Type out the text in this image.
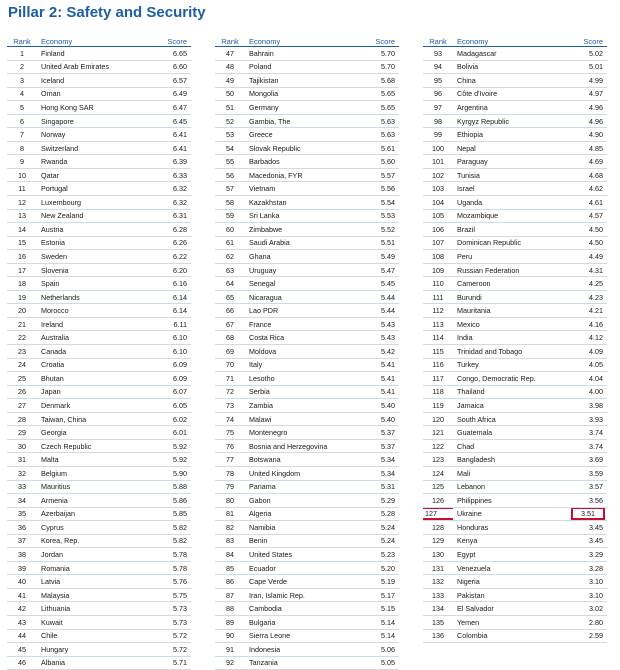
Pillar 2: Safety and Security
Rank	Economy	Score
1	Finland	6.65
2	United Arab Emirates	6.60
3	Iceland	6.57
4	Oman	6.49
5	Hong Kong SAR	6.47
6	Singapore	6.45
7	Norway	6.41
8	Switzerland	6.41
9	Rwanda	6.39
10	Qatar	6.33
11	Portugal	6.32
12	Luxembourg	6.32
13	New Zealand	6.31
14	Austria	6.28
15	Estonia	6.26
16	Sweden	6.22
17	Slovenia	6.20
18	Spain	6.16
19	Netherlands	6.14
20	Morocco	6.14
21	Ireland	6.11
22	Australia	6.10
23	Canada	6.10
24	Croatia	6.09
25	Bhutan	6.09
26	Japan	6.07
27	Denmark	6.05
28	Taiwan, China	6.02
29	Georgia	6.01
30	Czech Republic	5.92
31	Malta	5.92
32	Belgium	5.90
33	Mauritius	5.88
34	Armenia	5.86
35	Azerbaijan	5.85
36	Cyprus	5.82
37	Korea, Rep.	5.82
38	Jordan	5.78
39	Romania	5.78
40	Latvia	5.76
41	Malaysia	5.75
42	Lithuania	5.73
43	Kuwait	5.73
44	Chile	5.72
45	Hungary	5.72
46	Albania	5.71
Rank	Economy	Score
47	Bahrain	5.70
48	Poland	5.70
49	Tajikistan	5.68
50	Mongolia	5.65
51	Germany	5.65
52	Gambia, The	5.63
53	Greece	5.63
54	Slovak Republic	5.61
55	Barbados	5.60
56	Macedonia, FYR	5.57
57	Vietnam	5.56
58	Kazakhstan	5.54
59	Sri Lanka	5.53
60	Zimbabwe	5.52
61	Saudi Arabia	5.51
62	Ghana	5.49
63	Uruguay	5.47
64	Senegal	5.45
65	Nicaragua	5.44
66	Lao PDR	5.44
67	France	5.43
68	Costa Rica	5.43
69	Moldova	5.42
70	Italy	5.41
71	Lesotho	5.41
72	Serbia	5.41
73	Zambia	5.40
74	Malawi	5.40
75	Montenegro	5.37
76	Bosnia and Herzegovina	5.37
77	Botswana	5.34
78	United Kingdom	5.34
79	Panama	5.31
80	Gabon	5.29
81	Algeria	5.28
82	Namibia	5.24
83	Benin	5.24
84	United States	5.23
85	Ecuador	5.20
86	Cape Verde	5.19
87	Iran, Islamic Rep.	5.17
88	Cambodia	5.15
89	Bulgaria	5.14
90	Sierra Leone	5.14
91	Indonesia	5.06
92	Tanzania	5.05
Rank	Economy	Score
93	Madagascar	5.02
94	Bolivia	5.01
95	China	4.99
96	Côte d'Ivoire	4.97
97	Argentina	4.96
98	Kyrgyz Republic	4.96
99	Ethiopia	4.90
100	Nepal	4.85
101	Paraguay	4.69
102	Tunisia	4.68
103	Israel	4.62
104	Uganda	4.61
105	Mozambique	4.57
106	Brazil	4.50
107	Dominican Republic	4.50
108	Peru	4.49
109	Russian Federation	4.31
110	Cameroon	4.25
111	Burundi	4.23
112	Mauritania	4.21
113	Mexico	4.16
114	India	4.12
115	Trinidad and Tobago	4.09
116	Turkey	4.05
117	Congo, Democratic Rep.	4.04
118	Thailand	4.00
119	Jamaica	3.98
120	South Africa	3.93
121	Guatemala	3.74
122	Chad	3.74
123	Bangladesh	3.69
124	Mali	3.59
125	Lebanon	3.57
126	Philippines	3.56
127	Ukraine	3.51
128	Honduras	3.45
129	Kenya	3.45
130	Egypt	3.29
131	Venezuela	3.28
132	Nigeria	3.10
133	Pakistan	3.10
134	El Salvador	3.02
135	Yemen	2.80
136	Colombia	2.59
